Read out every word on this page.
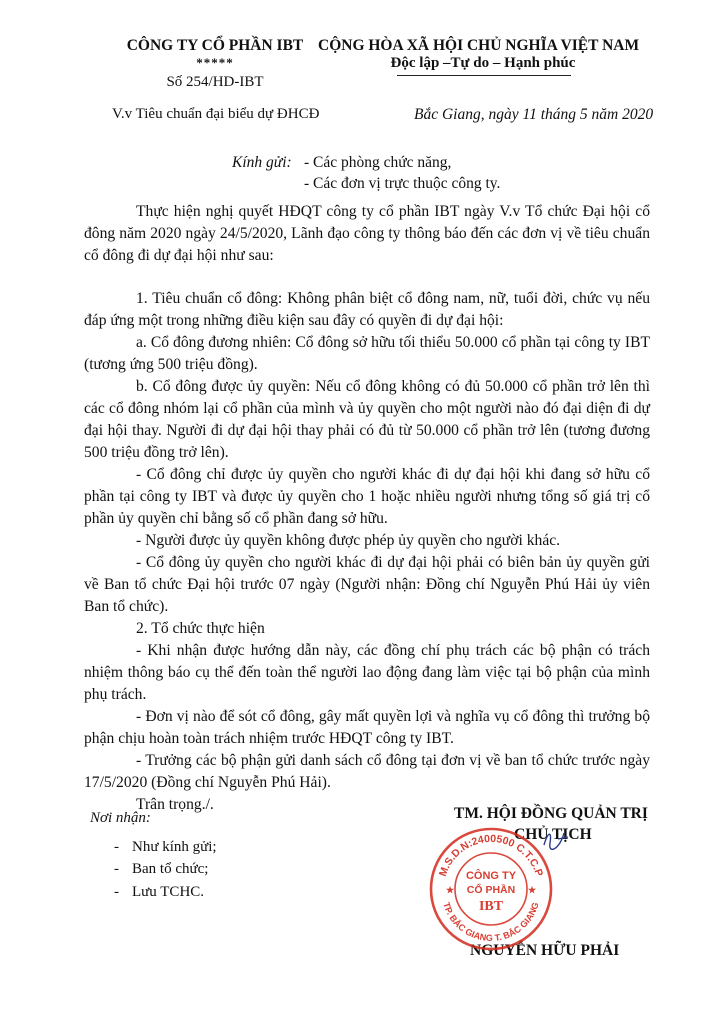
CÔNG TY CỔ PHẦN IBT
*****
Số 254/HD-IBT
V.v Tiêu chuẩn đại biểu dự ĐHCĐ
CỘNG HÒA XÃ HỘI CHỦ NGHĨA VIỆT NAM
Độc lập –Tự do – Hạnh phúc
Bắc Giang, ngày 11 tháng 5 năm 2020
Kính gửi: - Các phòng chức năng,
- Các đơn vị trực thuộc công ty.

Thực hiện nghị quyết HĐQT công ty cổ phần IBT ngày V.v Tổ chức Đại hội cổ đông năm 2020 ngày 24/5/2020, Lãnh đạo công ty thông báo đến các đơn vị về tiêu chuẩn cổ đông đi dự đại hội như sau:

1. Tiêu chuẩn cổ đông: Không phân biệt cổ đông nam, nữ, tuổi đời, chức vụ nếu đáp ứng một trong những điều kiện sau đây có quyền đi dự đại hội:

a. Cổ đông đương nhiên: Cổ đông sở hữu tối thiểu 50.000 cổ phần tại công ty IBT (tương ứng 500 triệu đồng).

b. Cổ đông được ủy quyền: Nếu cổ đông không có đủ 50.000 cổ phần trở lên thì các cổ đông nhóm lại cổ phần của mình và ủy quyền cho một người nào đó đại diện đi dự đại hội thay. Người đi dự đại hội thay phải có đủ từ 50.000 cổ phần trở lên (tương đương 500 triệu đồng trở lên).

- Cổ đông chỉ được ủy quyền cho người khác đi dự đại hội khi đang sở hữu cổ phần tại công ty IBT và được ủy quyền cho 1 hoặc nhiều người nhưng tổng số giá trị cổ phần ủy quyền chỉ bằng số cổ phần đang sở hữu.

- Người được ủy quyền không được phép ủy quyền cho người khác.

- Cổ đông ủy quyền cho người khác đi dự đại hội phải có biên bản ủy quyền gửi về Ban tổ chức Đại hội trước 07 ngày (Người nhận: Đồng chí Nguyễn Phú Hải ủy viên Ban tổ chức).

2. Tổ chức thực hiện

- Khi nhận được hướng dẫn này, các đồng chí phụ trách các bộ phận có trách nhiệm thông báo cụ thể đến toàn thể người lao động đang làm việc tại bộ phận của mình phụ trách.

- Đơn vị nào để sót cổ đông, gây mất quyền lợi và nghĩa vụ cổ đông thì trưởng bộ phận chịu hoàn toàn trách nhiệm trước HĐQT công ty IBT.

- Trưởng các bộ phận gửi danh sách cổ đông tại đơn vị về ban tổ chức trước ngày 17/5/2020 (Đồng chí Nguyễn Phú Hải).

Trân trọng./.

Nơi nhận:
- Như kính gửi;
- Ban tổ chức;
- Lưu TCHC.
TM. HỘI ĐỒNG QUẢN TRỊ
CHỦ TỊCH
NGUYỄN HỮU PHẢI
M.S.D.N:2400500 C.T.C.P
TP. BẮC GIANG T. BẮC GIANG
CÔNG TY
CỔ PHẦN
IBT
★	★
